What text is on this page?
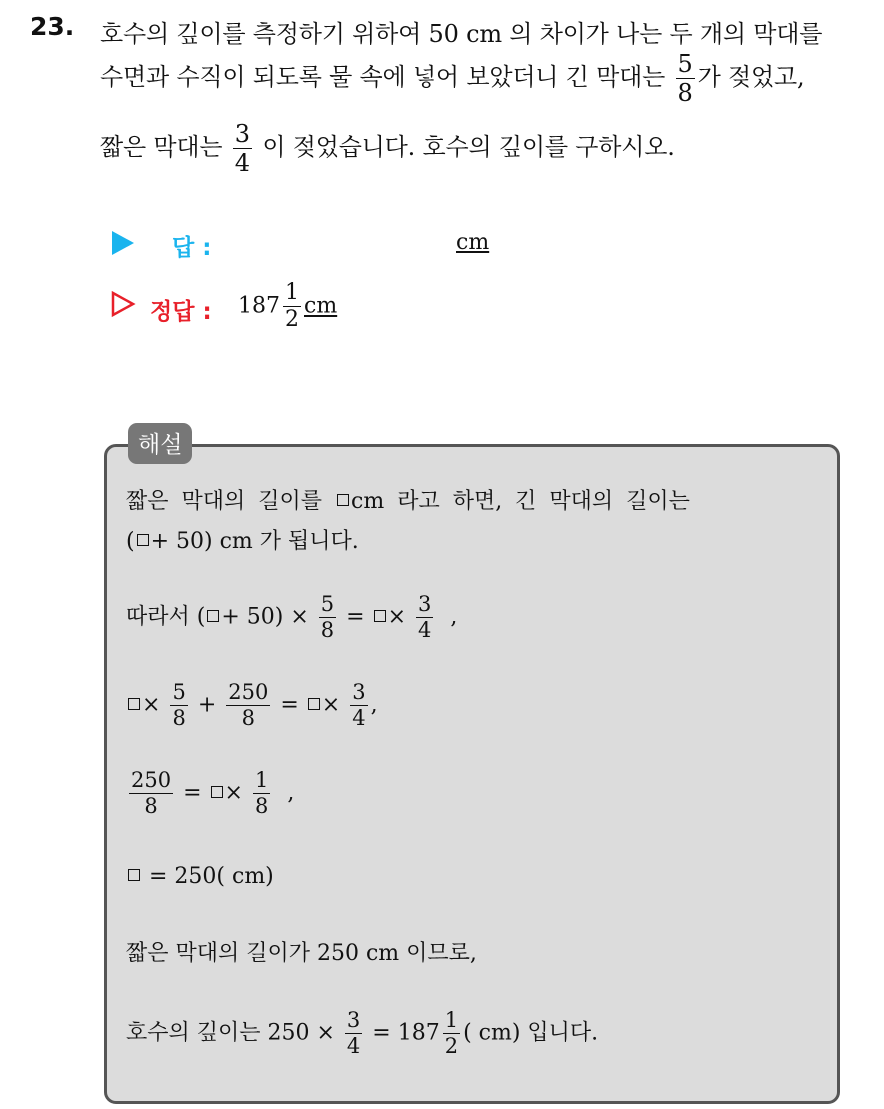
23. 호수의 깊이를 측정하기 위하여 50 cm 의 차이가 나는 두 개의 막대를
수면과 수직이 되도록 물 속에 넣어 보았더니 긴 막대는 $\frac{5}{8}$ 가 젖었고,
짧은 막대는 $\frac{3}{4}$ 이 젖었습니다. 호수의 깊이를 구하시오.
답 :	cm
정답 : $187 \frac{1}{2}$ cm
해설
짧은 막대의 길이를 cm 라고 하면, 긴 막대의 길이는
( + 50) cm 가 됩니다.
따라서 ( + $50) \times \frac{5}{8}$ = × $\frac{3}{4}$ ,
× $\frac{5}{8} + \frac{250}{8}$ = × $\frac{3}{4}$ ,
$\frac{250}{8}$ = × $\frac{1}{8}$ ,
= 250( cm)
짧은 막대의 길이가 250 cm 이므로,
호수의 깊이는 $250 \times \frac{3}{4} = 187 \frac{1}{2}$ ( cm) 입니다.
